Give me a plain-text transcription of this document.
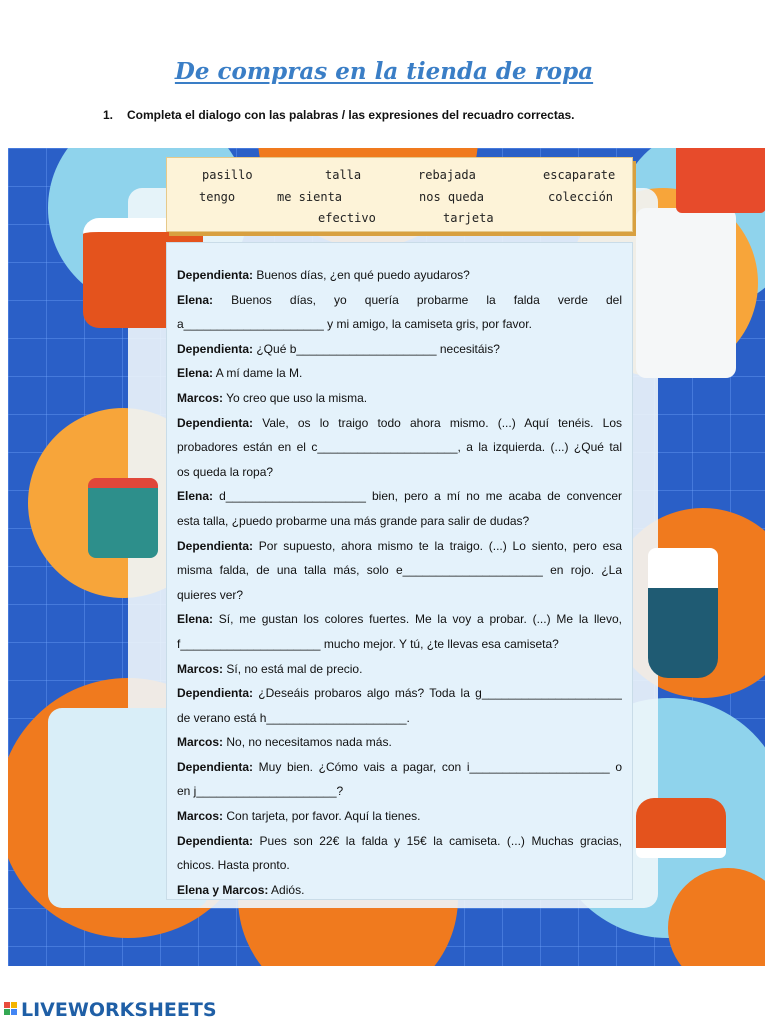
De compras en la tienda de ropa
1. Completa el dialogo con las palabras / las expresiones del recuadro correctas.
pasillo	talla	rebajada	escaparate
tengo	me sienta	nos queda	colección
efectivo	tarjeta
Dependienta: Buenos días, ¿en qué puedo ayudaros?
Elena: Buenos días, yo quería probarme la falda verde del
a_____________________ y mi amigo, la camiseta gris, por favor.
Dependienta: ¿Qué b_____________________ necesitáis?
Elena: A mí dame la M.
Marcos: Yo creo que uso la misma.
Dependienta: Vale, os lo traigo todo ahora mismo. (...) Aquí tenéis. Los
probadores están en el c_____________________, a la izquierda. (...) ¿Qué tal
os queda la ropa?
Elena: d_____________________ bien, pero a mí no me acaba de convencer
esta talla, ¿puedo probarme una más grande para salir de dudas?
Dependienta: Por supuesto, ahora mismo te la traigo. (...) Lo siento, pero esa
misma falda, de una talla más, solo e_____________________ en rojo. ¿La
quieres ver?
Elena: Sí, me gustan los colores fuertes. Me la voy a probar. (...) Me la llevo,
f_____________________ mucho mejor. Y tú, ¿te llevas esa camiseta?
Marcos: Sí, no está mal de precio.
Dependienta: ¿Deseáis probaros algo más? Toda la g_____________________
de verano está h_____________________.
Marcos: No, no necesitamos nada más.
Dependienta: Muy bien. ¿Cómo vais a pagar, con i_____________________ o
en j_____________________?
Marcos: Con tarjeta, por favor. Aquí la tienes.
Dependienta: Pues son 22€ la falda y 15€ la camiseta. (...) Muchas gracias,
chicos. Hasta pronto.
Elena y Marcos: Adiós.
LIVEWORKSHEETS
